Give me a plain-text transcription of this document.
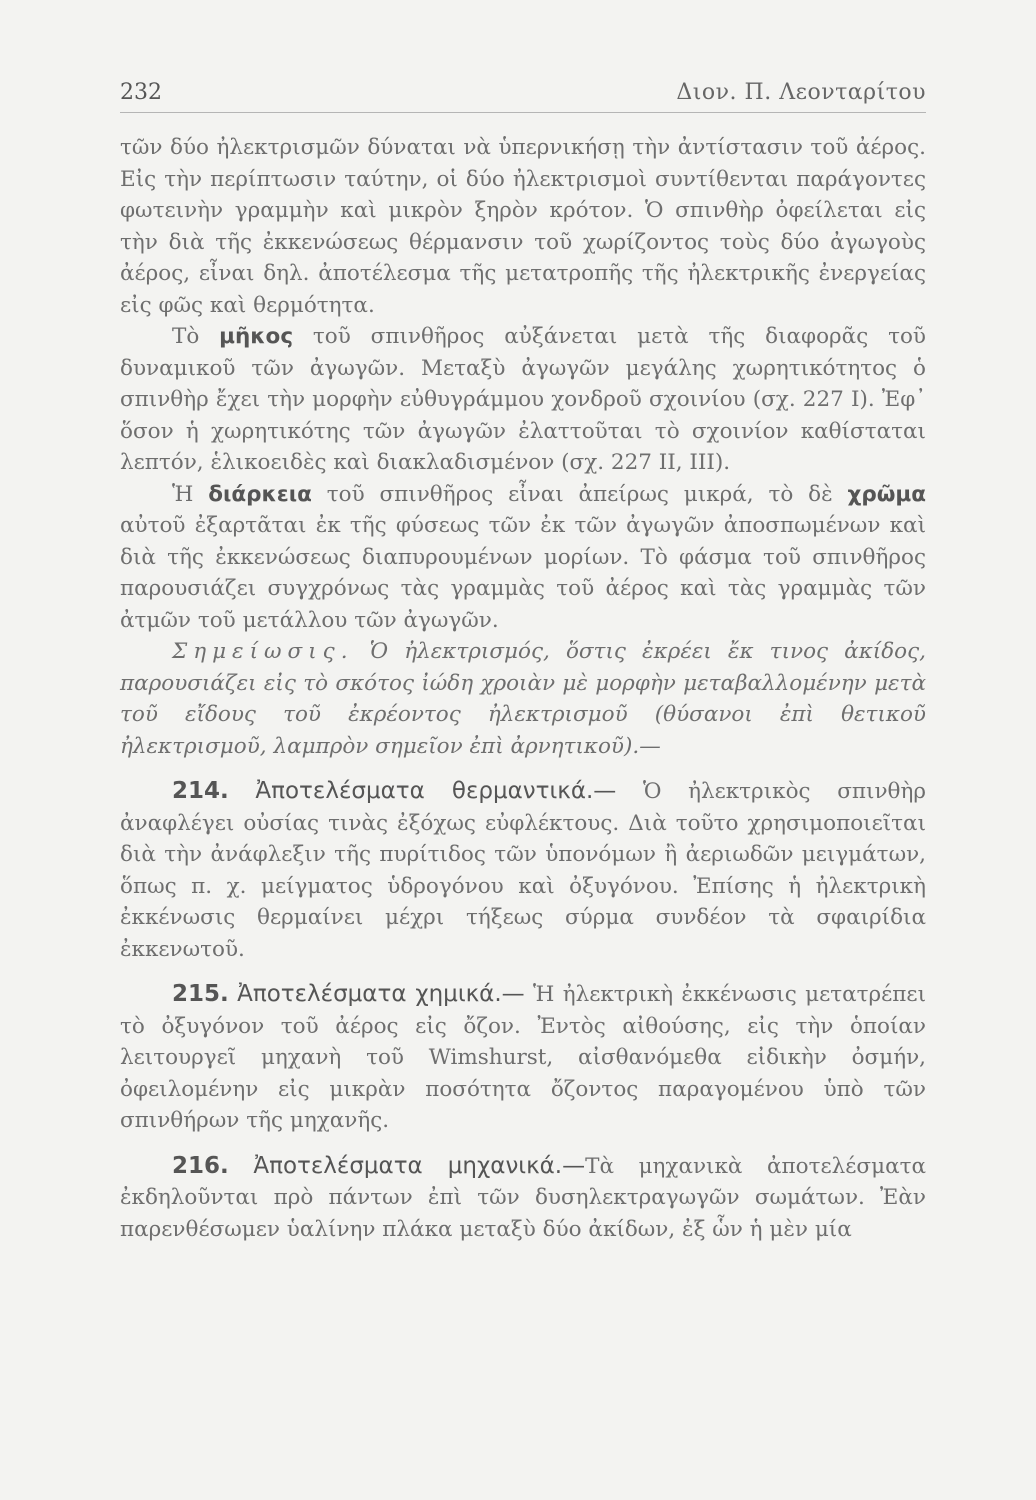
232	Διον. Π. Λεονταρίτου

τῶν δύο ἠλεκτρισμῶν δύναται νὰ ὑπερνικήσῃ τὴν ἀντίστασιν τοῦ ἀέρος. Εἰς τὴν περίπτωσιν ταύτην, οἱ δύο ἠλεκτρισμοὶ συντίθενται παράγοντες φωτεινὴν γραμμὴν καὶ μικρὸν ξηρὸν κρότον. Ὁ σπινθὴρ ὀφείλεται εἰς τὴν διὰ τῆς ἐκκενώσεως θέρμανσιν τοῦ χωρίζοντος τοὺς δύο ἀγωγοὺς ἀέρος, εἶναι δηλ. ἀποτέλεσμα τῆς μετατροπῆς τῆς ἠλεκτρικῆς ἐνεργείας εἰς φῶς καὶ θερμότητα.

Τὸ μῆκος τοῦ σπινθῆρος αὐξάνεται μετὰ τῆς διαφορᾶς τοῦ δυναμικοῦ τῶν ἀγωγῶν. Μεταξὺ ἀγωγῶν μεγάλης χωρητικότητος ὁ σπινθὴρ ἔχει τὴν μορφὴν εὐθυγράμμου χονδροῦ σχοινίου (σχ. 227 Ι). Ἐφ᾽ ὅσον ἡ χωρητικότης τῶν ἀγωγῶν ἐλαττοῦται τὸ σχοινίον καθίσταται λεπτόν, ἑλικοειδὲς καὶ διακλαδισμένον (σχ. 227 ΙΙ, ΙΙΙ).

Ἡ διάρκεια τοῦ σπινθῆρος εἶναι ἀπείρως μικρά, τὸ δὲ χρῶμα αὐτοῦ ἐξαρτᾶται ἐκ τῆς φύσεως τῶν ἐκ τῶν ἀγωγῶν ἀποσπωμένων καὶ διὰ τῆς ἐκκενώσεως διαπυρουμένων μορίων. Τὸ φάσμα τοῦ σπινθῆρος παρουσιάζει συγχρόνως τὰς γραμμὰς τοῦ ἀέρος καὶ τὰς γραμμὰς τῶν ἀτμῶν τοῦ μετάλλου τῶν ἀγωγῶν.

Σημείωσις. Ὁ ἠλεκτρισμός, ὅστις ἐκρέει ἔκ τινος ἀκίδος, παρουσιάζει εἰς τὸ σκότος ἰώδη χροιὰν μὲ μορφὴν μεταβαλλομένην μετὰ τοῦ εἴδους τοῦ ἐκρέοντος ἠλεκτρισμοῦ (θύσανοι ἐπὶ θετικοῦ ἠλεκτρισμοῦ, λαμπρὸν σημεῖον ἐπὶ ἀρνητικοῦ).—

214. Ἀποτελέσματα θερμαντικά.— Ὁ ἠλεκτρικὸς σπινθὴρ ἀναφλέγει οὐσίας τινὰς ἐξόχως εὐφλέκτους. Διὰ τοῦτο χρησιμοποιεῖται διὰ τὴν ἀνάφλεξιν τῆς πυρίτιδος τῶν ὑπονόμων ἢ ἀεριωδῶν μειγμάτων, ὅπως π. χ. μείγματος ὑδρογόνου καὶ ὀξυγόνου. Ἐπίσης ἡ ἠλεκτρικὴ ἐκκένωσις θερμαίνει μέχρι τήξεως σύρμα συνδέον τὰ σφαιρίδια ἐκκενωτοῦ.

215. Ἀποτελέσματα χημικά.— Ἡ ἠλεκτρικὴ ἐκκένωσις μετατρέπει τὸ ὀξυγόνον τοῦ ἀέρος εἰς ὄζον. Ἐντὸς αἰθούσης, εἰς τὴν ὁποίαν λειτουργεῖ μηχανὴ τοῦ Wimshurst, αἰσθανόμεθα εἰδικὴν ὀσμήν, ὀφειλομένην εἰς μικρὰν ποσότητα ὄζοντος παραγομένου ὑπὸ τῶν σπινθήρων τῆς μηχανῆς.

216. Ἀποτελέσματα μηχανικά.—Τὰ μηχανικὰ ἀποτελέσματα ἐκδηλοῦνται πρὸ πάντων ἐπὶ τῶν δυσηλεκτραγωγῶν σωμάτων. Ἐὰν παρενθέσωμεν ὑαλίνην πλάκα μεταξὺ δύο ἀκίδων, ἐξ ὧν ἡ μὲν μία
